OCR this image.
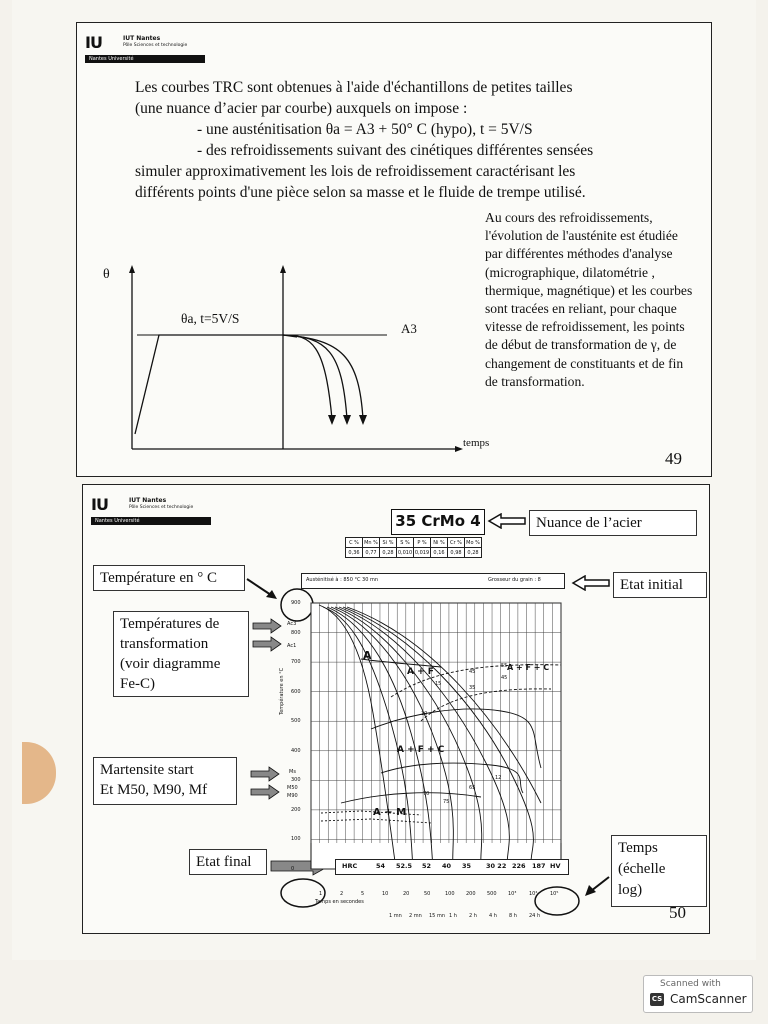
IU	IUT Nantes
Pôle Sciences et technologie
Nantes Université
Les courbes TRC sont obtenues à l'aide d'échantillons de petites tailles
(une nuance d’acier par courbe) auxquels on impose :
- une austénitisation θa = A3 + 50° C (hypo), t = 5V/S
- des refroidissements suivant des cinétiques différentes sensées
simuler approximativement les lois de refroidissement caractérisant les
différents points d'une pièce selon sa masse et le fluide de trempe utilisé.
θ
θa, t=5V/S
A3
temps
Au cours des refroidissements, l'évolution de l'austénite est étudiée par différentes méthodes d'analyse (micrographique, dilatométrie , thermique, magnétique) et les courbes sont tracées en reliant, pour chaque vitesse de refroidissement, les points de début de transformation de γ, de changement de constituants et de fin de transformation.
49
IU	IUT Nantes
Pôle Sciences et technologie
Nantes Université	35 CrMo 4	Nuance de l’acier
C %	Mn %	Si %	S %	P %	Ni %	Cr %	Mo %
0,36	0,77	0,28	0,010	0,019	0,16	0,98	0,28
Austénitisé à : 850 °C 30 mn	Grosseur du grain : 8	Etat initial
Température en ° C
Températures de
transformation
(voir diagramme
Fe-C)
Martensite start
Et M50, M90, Mf
Etat final
Temps
(échelle
log)
900
800
700
600
500
400
300
200
100
0
1	2	5	10	20	50	100 200 500 10³	10⁴	10⁵
Température en °C
Temps en secondes
Ac3
Ac1
Ms
M50
M90
A
A + F	A + F + C
A + F + C
A + M
45
55
45
15
35
10
12
65
75
70
HRC	54 52.5 52 40 35 30 22 226 187 HV
1 mn 2 mn 15 mn 1 h 2 h 4 h 8 h 24 h	50
Scanned with
CS CamScanner
